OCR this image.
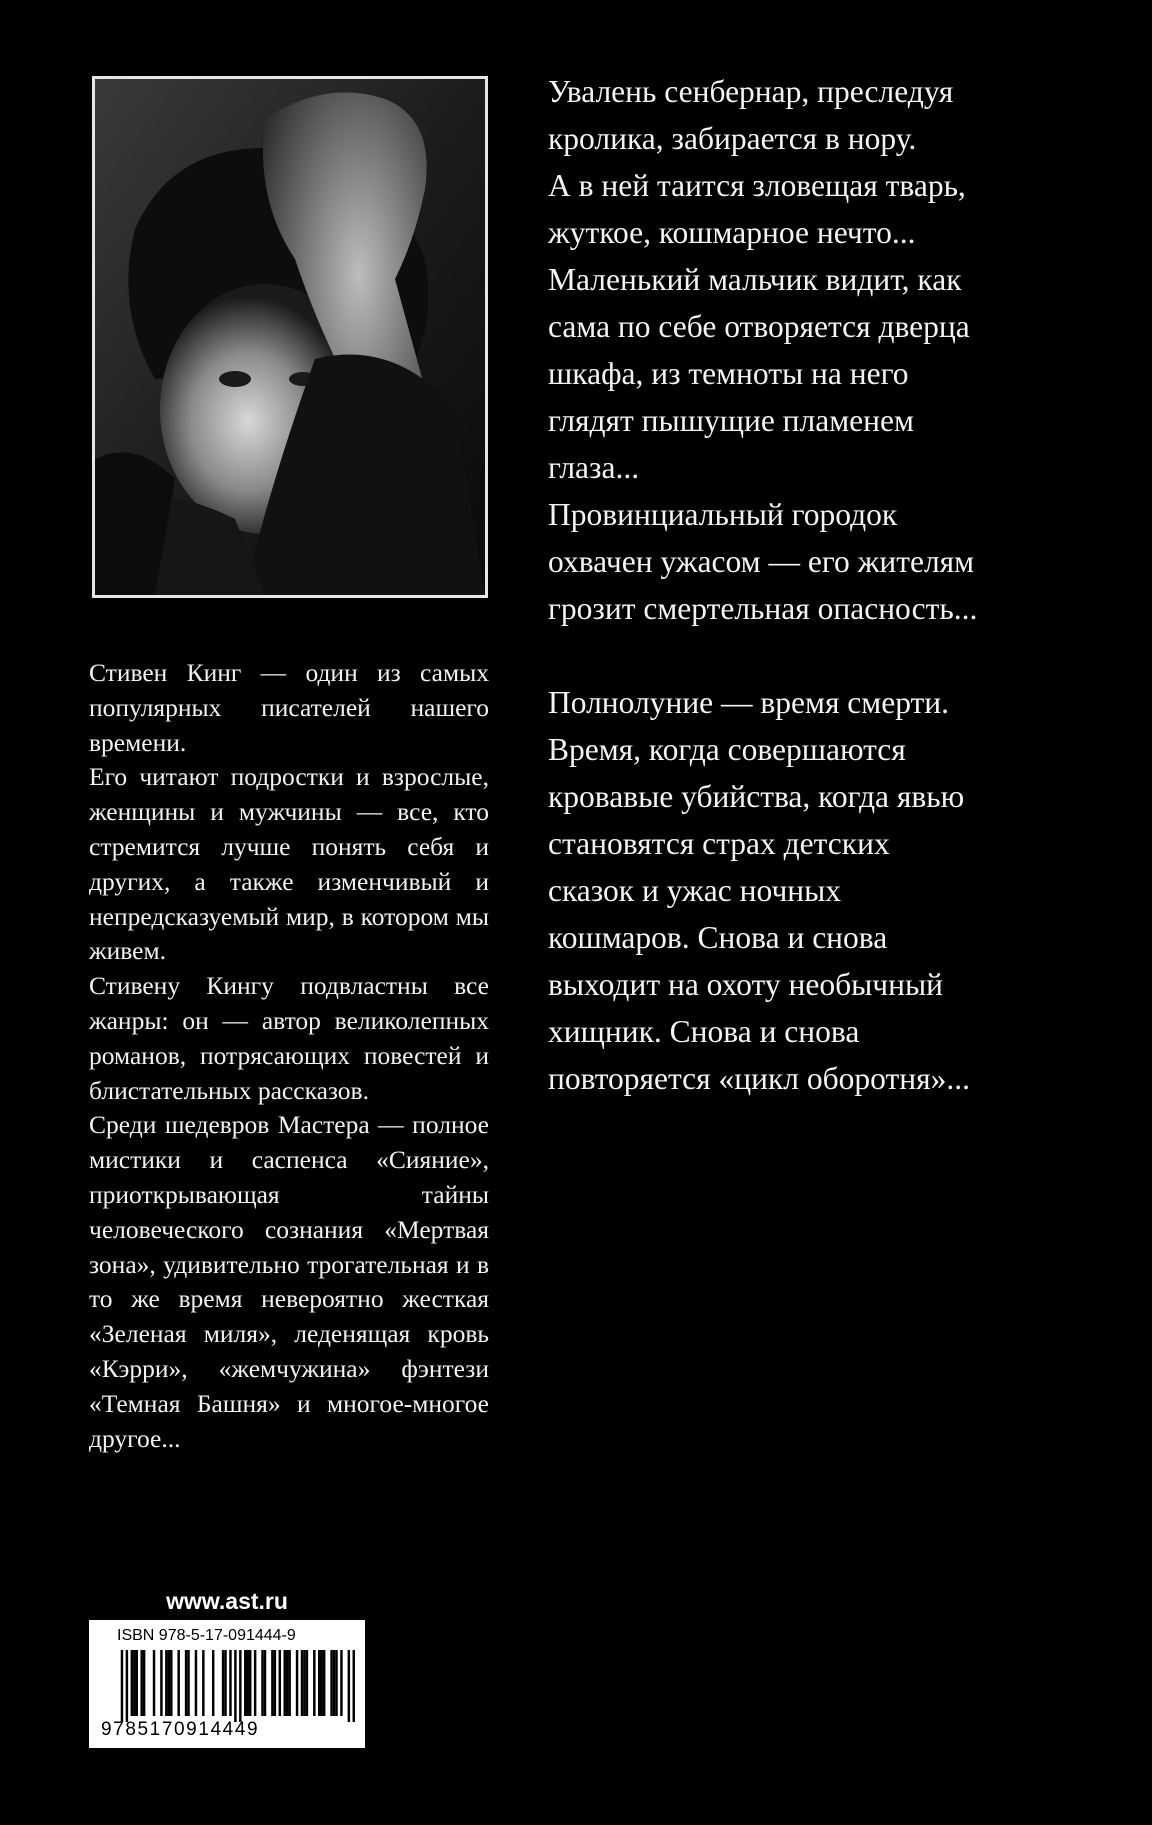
Стивен Кинг — один из самых популярных писателей нашего времени.

Его читают подростки и взрослые, женщины и мужчины — все, кто стремится лучше понять себя и других, а также изменчивый и непредсказуемый мир, в котором мы живем.

Стивену Кингу подвластны все жанры: он — автор великолепных романов, потрясающих повестей и блистательных рассказов.

Среди шедевров Мастера — полное мистики и саспенса «Сияние», приоткрывающая тайны человеческого сознания «Мертвая зона», удивительно трогательная и в то же время невероятно жесткая «Зеленая миля», леденящая кровь «Кэрри», «жемчужина» фэнтези «Темная Башня» и многое-многое другое...

Увалень сенбернар, преследуя
кролика, забирается в нору.
А в ней таится зловещая тварь,
жуткое, кошмарное нечто...
Маленький мальчик видит, как
сама по себе отворяется дверца
шкафа, из темноты на него
глядят пышущие пламенем
глаза...
Провинциальный городок
охвачен ужасом — его жителям
грозит смертельная опасность...

Полнолуние — время смерти.
Время, когда совершаются
кровавые убийства, когда явью
становятся страх детских
сказок и ужас ночных
кошмаров. Снова и снова
выходит на охоту необычный
хищник. Снова и снова
повторяется «цикл оборотня»...

www.ast.ru
ISBN 978-5-17-091444-9
9785170914449
